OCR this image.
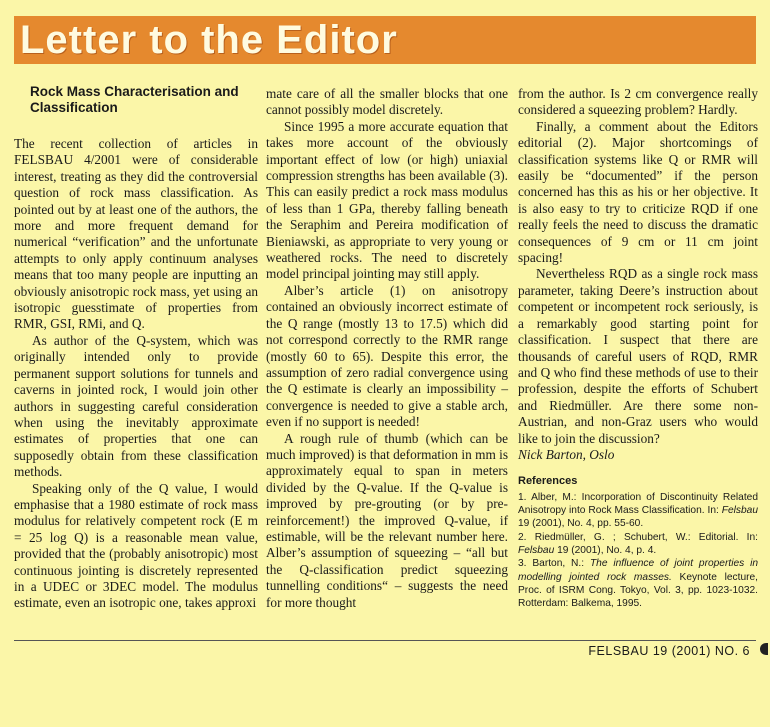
Letter to the Editor
Rock Mass Characterisation and Classification

The recent collection of articles in FELSBAU 4/2001 were of considerable interest, treating as they did the controversial question of rock mass classification. As pointed out by at least one of the authors, the more and more frequent demand for numerical “verification” and the unfortunate attempts to only apply continuum analyses means that too many people are inputting an obviously anisotropic rock mass, yet using an isotropic guesstimate of properties from RMR, GSI, RMi, and Q.

As author of the Q-system, which was originally intended only to provide permanent support solutions for tunnels and caverns in jointed rock, I would join other authors in suggesting careful consideration when using the inevitably approximate estimates of properties that one can supposedly obtain from these classification methods.

Speaking only of the Q value, I would emphasise that a 1980 estimate of rock mass modulus for relatively competent rock (E m = 25 log Q) is a reasonable mean value, provided that the (probably anisotropic) most continuous jointing is discretely represented in a UDEC or 3DEC model. The modulus estimate, even an isotropic one, takes approxi

mate care of all the smaller blocks that one cannot possibly model discretely.

Since 1995 a more accurate equation that takes more account of the obviously important effect of low (or high) uniaxial compression strengths has been available (3). This can easily predict a rock mass modulus of less than 1 GPa, thereby falling beneath the Seraphim and Pereira modification of Bieniawski, as appropriate to very young or weathered rocks. The need to discretely model principal jointing may still apply.

Alber’s article (1) on anisotropy contained an obviously incorrect estimate of the Q range (mostly 13 to 17.5) which did not correspond correctly to the RMR range (mostly 60 to 65). Despite this error, the assumption of zero radial convergence using the Q estimate is clearly an impossibility – convergence is needed to give a stable arch, even if no support is needed!

A rough rule of thumb (which can be much improved) is that deformation in mm is approximately equal to span in meters divided by the Q-value. If the Q-value is improved by pre-grouting (or by pre-reinforcement!) the improved Q-value, if estimable, will be the relevant number here. Alber’s assumption of squeezing – “all but the Q-classification predict squeezing tunnelling conditions“ – suggests the need for more thought

from the author. Is 2 cm convergence really considered a squeezing problem? Hardly.

Finally, a comment about the Editors editorial (2). Major shortcomings of classification systems like Q or RMR will easily be “documented” if the person concerned has this as his or her objective. It is also easy to try to criticize RQD if one really feels the need to discuss the dramatic consequences of 9 cm or 11 cm joint spacing!

Nevertheless RQD as a single rock mass parameter, taking Deere’s instruction about competent or incompetent rock seriously, is a remarkably good starting point for classification. I suspect that there are thousands of careful users of RQD, RMR and Q who find these methods of use to their profession, despite the efforts of Schubert and Riedmüller. Are there some non-Austrian, and non-Graz users who would like to join the discussion?

Nick Barton, Oslo

References

1. Alber, M.: Incorporation of Discontinuity Related Anisotropy into Rock Mass Classification. In: Felsbau 19 (2001), No. 4, pp. 55-60.

2. Riedmüller, G. ; Schubert, W.: Editorial. In: Felsbau 19 (2001), No. 4, p. 4.

3. Barton, N.: The influence of joint properties in modelling jointed rock masses. Keynote lecture, Proc. of ISRM Cong. Tokyo, Vol. 3, pp. 1023-1032. Rotterdam: Balkema, 1995.

FELSBAU 19 (2001) NO. 6
